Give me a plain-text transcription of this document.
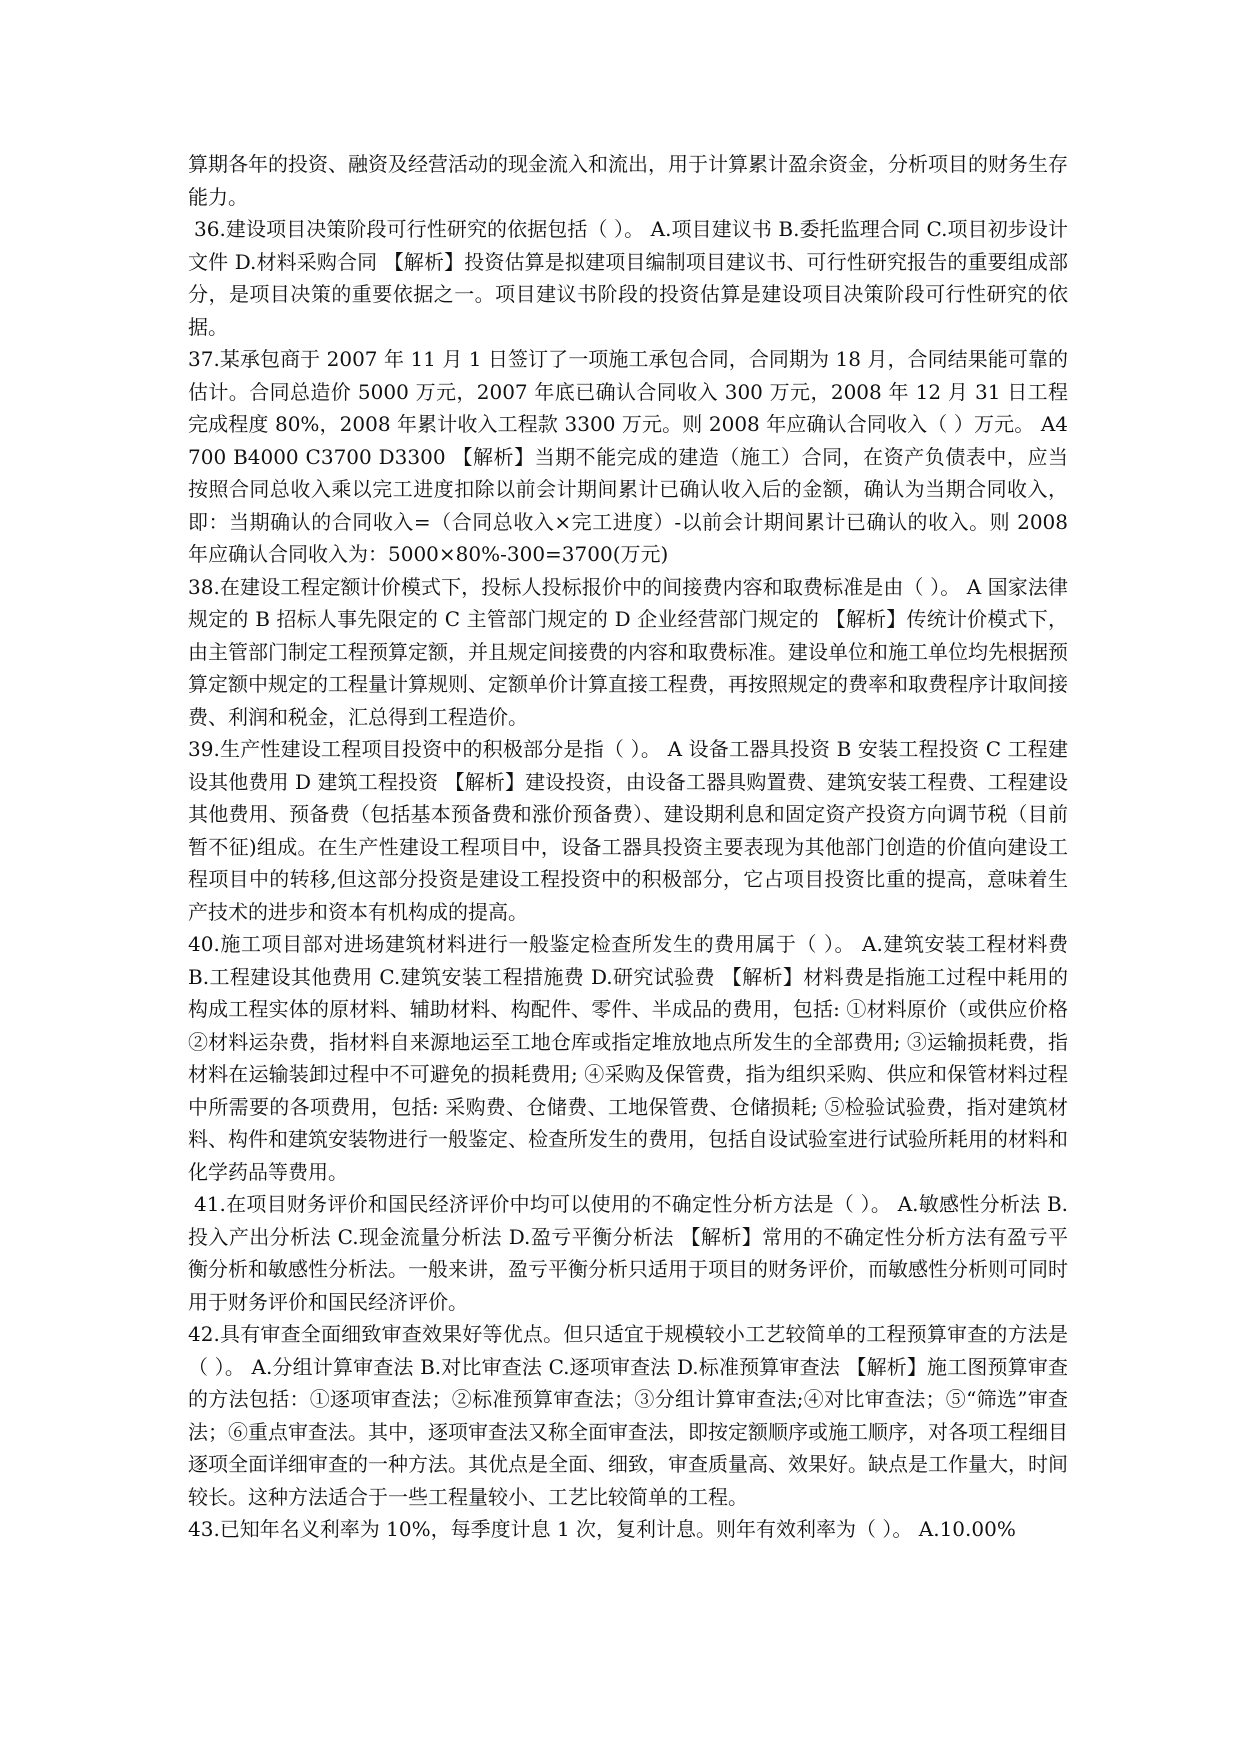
算期各年的投资、融资及经营活动的现金流入和流出，用于计算累计盈余资金，分析项目的财务生存能力。

36.建设项目决策阶段可行性研究的依据包括（ ）。 A.项目建议书 B.委托监理合同 C.项目初步设计文件 D.材料采购合同 【解析】投资估算是拟建项目编制项目建议书、可行性研究报告的重要组成部分，是项目决策的重要依据之一。项目建议书阶段的投资估算是建设项目决策阶段可行性研究的依据。

37.某承包商于 2007 年 11 月 1 日签订了一项施工承包合同，合同期为 18 月，合同结果能可靠的估计。合同总造价 5000 万元，2007 年底已确认合同收入 300 万元，2008 年 12 月 31 日工程完成程度 80%，2008 年累计收入工程款 3300 万元。则 2008 年应确认合同收入（ ）万元。 A4700 B4000 C3700 D3300 【解析】当期不能完成的建造（施工）合同，在资产负债表中，应当按照合同总收入乘以完工进度扣除以前会计期间累计已确认收入后的金额，确认为当期合同收入，即：当期确认的合同收入=（合同总收入×完工进度）-以前会计期间累计已确认的收入。则 2008 年应确认合同收入为：5000×80%-300=3700(万元)

38.在建设工程定额计价模式下，投标人投标报价中的间接费内容和取费标准是由（ ）。 A 国家法律规定的 B 招标人事先限定的 C 主管部门规定的 D 企业经营部门规定的 【解析】传统计价模式下，由主管部门制定工程预算定额，并且规定间接费的内容和取费标准。建设单位和施工单位均先根据预算定额中规定的工程量计算规则、定额单价计算直接工程费，再按照规定的费率和取费程序计取间接费、利润和税金，汇总得到工程造价。

39.生产性建设工程项目投资中的积极部分是指（ ）。 A 设备工器具投资 B 安装工程投资 C 工程建设其他费用 D 建筑工程投资 【解析】建设投资，由设备工器具购置费、建筑安装工程费、工程建设其他费用、预备费（包括基本预备费和涨价预备费）、建设期利息和固定资产投资方向调节税（目前暂不征)组成。在生产性建设工程项目中，设备工器具投资主要表现为其他部门创造的价值向建设工程项目中的转移,但这部分投资是建设工程投资中的积极部分，它占项目投资比重的提高，意味着生产技术的进步和资本有机构成的提高。

40.施工项目部对进场建筑材料进行一般鉴定检查所发生的费用属于（ ）。 A.建筑安装工程材料费 B.工程建设其他费用 C.建筑安装工程措施费 D.研究试验费 【解析】材料费是指施工过程中耗用的构成工程实体的原材料、辅助材料、构配件、零件、半成品的费用，包括: ①材料原价（或供应价格②材料运杂费，指材料自来源地运至工地仓库或指定堆放地点所发生的全部费用; ③运输损耗费，指材料在运输装卸过程中不可避免的损耗费用; ④采购及保管费，指为组织采购、供应和保管材料过程中所需要的各项费用，包括: 采购费、仓储费、工地保管费、仓储损耗; ⑤检验试验费，指对建筑材料、构件和建筑安装物进行一般鉴定、检查所发生的费用，包括自设试验室进行试验所耗用的材料和化学药品等费用。

41.在项目财务评价和国民经济评价中均可以使用的不确定性分析方法是（ ）。 A.敏感性分析法 B.投入产出分析法 C.现金流量分析法 D.盈亏平衡分析法 【解析】常用的不确定性分析方法有盈亏平衡分析和敏感性分析法。一般来讲，盈亏平衡分析只适用于项目的财务评价，而敏感性分析则可同时用于财务评价和国民经济评价。

42.具有审查全面细致审查效果好等优点。但只适宜于规模较小工艺较简单的工程预算审查的方法是（ ）。 A.分组计算审查法 B.对比审查法 C.逐项审查法 D.标准预算审查法 【解析】施工图预算审查的方法包括：①逐项审查法；②标准预算审查法；③分组计算审查法;④对比审查法；⑤“筛选”审查法；⑥重点审查法。其中，逐项审查法又称全面审查法，即按定额顺序或施工顺序，对各项工程细目逐项全面详细审查的一种方法。其优点是全面、细致，审查质量高、效果好。缺点是工作量大，时间较长。这种方法适合于一些工程量较小、工艺比较简单的工程。

43.已知年名义利率为 10%，每季度计息 1 次，复利计息。则年有效利率为（ ）。 A.10.00%
